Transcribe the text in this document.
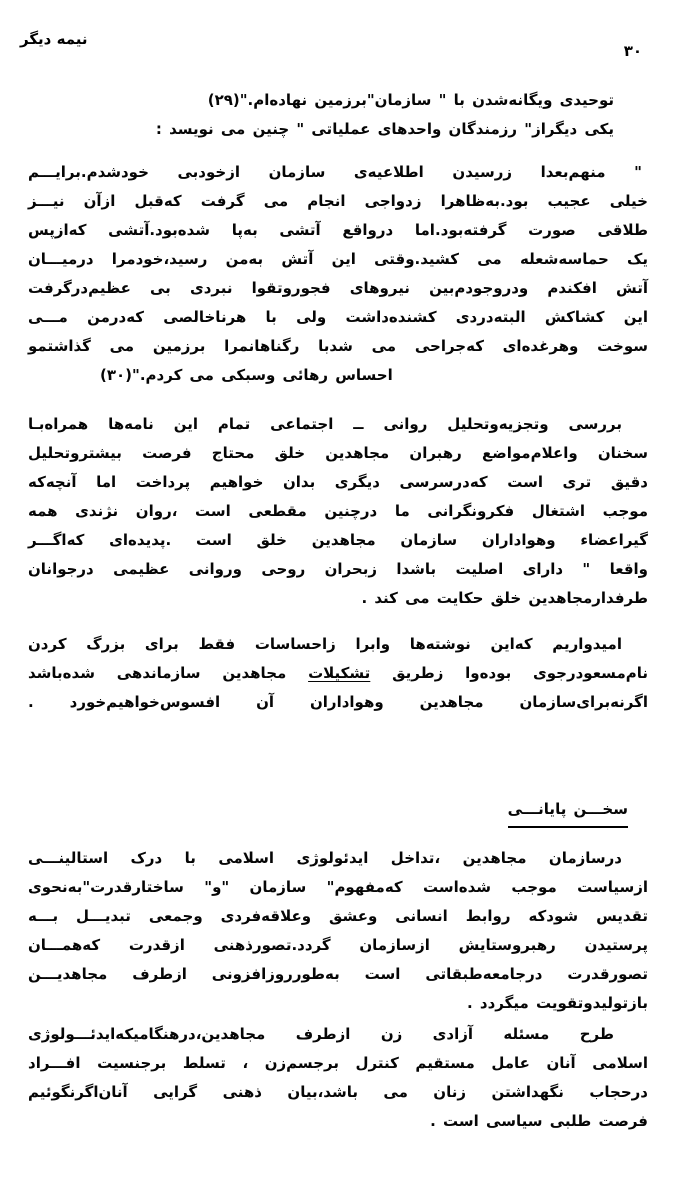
نیمه دیگر
۳۰
توحیدی ویگانه‌شدن با " سازمان"برزمین نهاده‌ام."(۲۹)
یکی دیگراز" رزمندگان واحدهای عملیاتی " چنین می نویسد :
" منهم‌بعدا زرسیدن اطلاعیه‌ی سازمان ازخودبی خودشدم.برایـــم
خیلی عجیب بود.به‌ظاهرا زدواجی انجام می گرفت که‌قبل ازآن نیـــز
طلاقی صورت گرفته‌بود.اما درواقع آتشی به‌پا شده‌بود.آتشی که‌ازپس
یک حماسه‌شعله می کشید.وقتی این آتش به‌من رسید،خودمرا درمیـــان
آتش افکندم ودروجودم‌بین نیروهای فجوروتقوا نبردی بی عظیم‌درگرفت
این کشاکش البته‌دردی کشنده‌داشت ولی با هرناخالصی که‌درمن مـــی
سوخت وهرغده‌ای که‌جراحی می شدبا رگناهانمرا برزمین می گذاشتمو
احساس رهائی وسبکی می کردم."(۳۰)
بررسی وتجزیه‌وتحلیل روانی ــ اجتماعی تمام این نامه‌ها همراه‌بـا
سخنان واعلام‌مواضع رهبران مجاهدین خلق محتاج فرصت بیشتروتحلیل
دقیق تری است که‌درسرسی دیگری بدان خواهیم پرداخت اما آنچه‌که
موجب اشتغال فکرونگرانی ما درچنین مقطعی است ،روان نژندی همه
گیراعضاء وهواداران سازمان مجاهدین خلق است .پدیده‌ای که‌اگـــر
واقعا " دارای اصلیت باشدا زبحران روحی وروانی عظیمی درجوانان
طرفدارمجاهدین خلق حکایت می کند .
امیدواریم که‌این نوشته‌ها وابرا زاحساسات فقط برای بزرگ کردن
نام‌مسعودرجوی بوده‌وا زطریق تشکیلات مجاهدین سازماندهی شده‌باشد
اگرنه‌برای‌سازمان مجاهدین وهواداران آن افسوس‌خواهیم‌خورد .
سخـــن پایانـــی
درسازمان مجاهدین ،تداخل ایدئولوژی اسلامی با درک استالینـــی
ازسیاست موجب شده‌است که‌مفهوم" سازمان "و" ساختارقدرت"به‌نحوی
تقدیس شودکه روابط انسانی وعشق وعلاقه‌فردی وجمعی تبدیـــل بـــه
پرستیدن رهبروستایش ازسازمان گردد.تصورذهنی ازقدرت که‌همـــان
تصورقدرت درجامعه‌طبقاتی است به‌طورروزافزونی ازطرف مجاهدیـــن
بازتولیدوتقویت میگردد .
طرح مسئله آزادی زن ازطرف مجاهدین،درهنگامیکه‌ایدئـــولوژی
اسلامی آنان عامل مستقیم کنترل برجسم‌زن ، تسلط برجنسیت افـــراد
درحجاب نگهداشتن زنان می باشد،بیان ذهنی گرایی آنان‌اگرنگوئیم
فرصت طلبی سیاسی است .
